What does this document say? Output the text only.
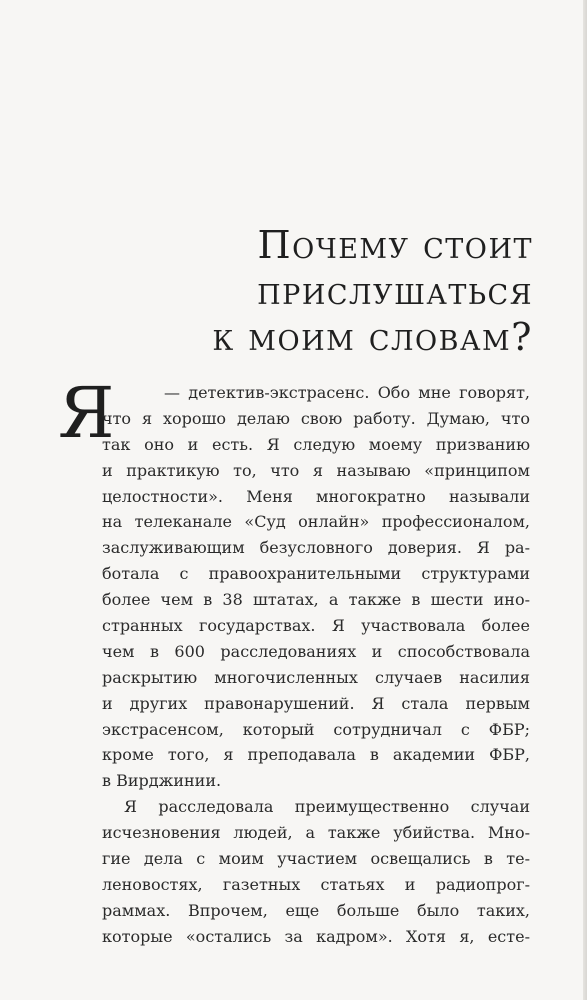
Почему стоит
прислушаться
к моим словам?
Я	— детектив-экстрасенс. Обо мне говорят,
что я хорошо делаю свою работу. Думаю, что
так оно и есть. Я следую моему призванию
и практикую то, что я называю «принципом
целостности». Меня многократно называли
на телеканале «Суд онлайн» профессионалом,
заслуживающим безусловного доверия. Я ра-
ботала с правоохранительными структурами
более чем в 38 штатах, а также в шести ино-
странных государствах. Я участвовала более
чем в 600 расследованиях и способствовала
раскрытию многочисленных случаев насилия
и других правонарушений. Я стала первым
экстрасенсом, который сотрудничал с ФБР;
кроме того, я преподавала в академии ФБР,
в Вирджинии.
Я расследовала преимущественно случаи
исчезновения людей, а также убийства. Мно-
гие дела с моим участием освещались в те-
леновостях, газетных статьях и радиопрог-
раммах. Впрочем, еще больше было таких,
которые «остались за кадром». Хотя я, есте-
